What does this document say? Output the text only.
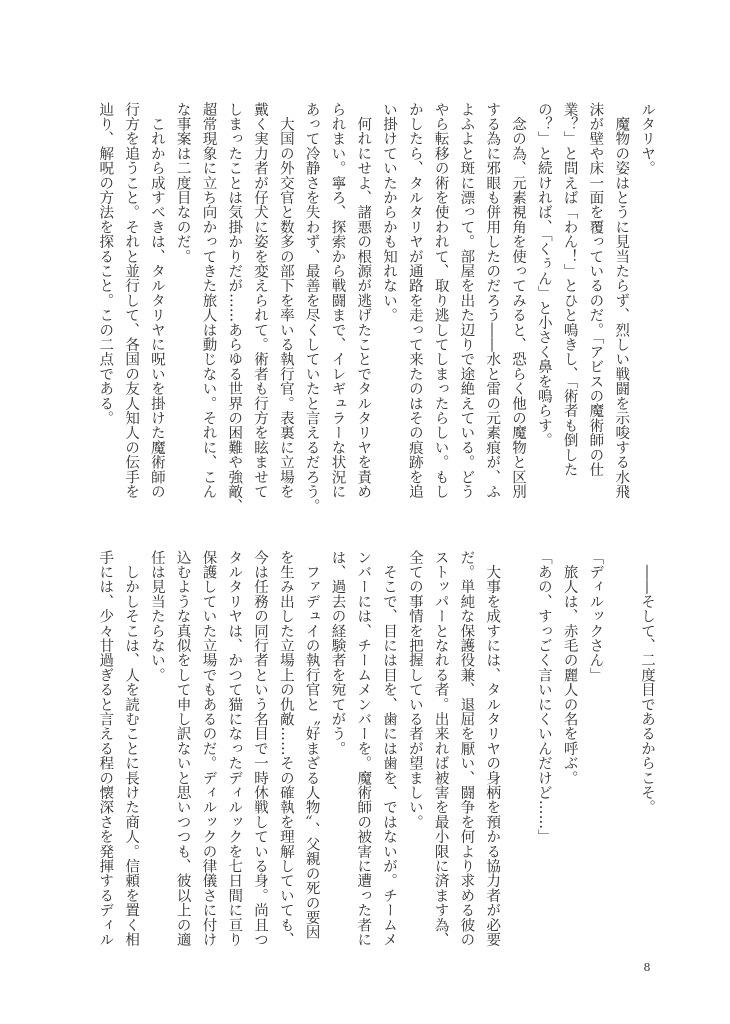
ルタリヤ。
　魔物の姿はとうに見当たらず、烈しい戦闘を示唆する水飛
沫が壁や床一面を覆っているのだ。「アビスの魔術師の仕
業？」と問えば「わん！」とひと鳴きし、「術者も倒した
の？」と続ければ、「くぅん」と小さく鼻を鳴らす。
　念の為、元素視角を使ってみると、恐らく他の魔物と区別
する為に邪眼も併用したのだろう――水と雷の元素痕が、ふ
よふよと斑に漂って。部屋を出た辺りで途絶えている。どう
やら転移の術を使われて、取り逃してしまったらしい。もし
かしたら、タルタリヤが通路を走って来たのはその痕跡を追
い掛けていたからかも知れない。
　何れにせよ、諸悪の根源が逃げたことでタルタリヤを責め
られまい。寧ろ、探索から戦闘まで、イレギュラーな状況に
あって冷静さを失わず、最善を尽くしていたと言えるだろう。
　大国の外交官と数多の部下を率いる執行官。表裏に立場を
戴く実力者が仔犬に姿を変えられて。術者も行方を眩ませて
しまったことは気掛かりだが……あらゆる世界の困難や強敵、
超常現象に立ち向かってきた旅人は動じない。それに、こん
な事案は二度目なのだ。
　これから成すべきは、タルタリヤに呪いを掛けた魔術師の
行方を追うこと。それと並行して、各国の友人知人の伝手を
辿り、解呪の方法を探ること。この二点である。
　――そして、二度目であるからこそ。
「ディルックさん」
　旅人は、赤毛の麗人の名を呼ぶ。
「あの、すっごく言いにくいんだけど……」
　大事を成すには、タルタリヤの身柄を預かる協力者が必要
だ。単純な保護役兼、退屈を厭い、闘争を何より求める彼の
ストッパーとなれる者。出来れば被害を最小限に済ます為、
全ての事情を把握している者が望ましい。
　そこで、目には目を、歯には歯を、ではないが。チームメ
ンバーには、チームメンバーを。魔術師の被害に遭った者に
は、過去の経験者を宛てがう。
　ファデュイの執行官と〝好まざる人物〟、父親の死の要因
を生み出した立場上の仇敵……その確執を理解していても、
今は任務の同行者という名目で一時休戦している身。尚且つ
タルタリヤは、かつて猫になったディルックを七日間に亘り
保護していた立場でもあるのだ。ディルックの律儀さに付け
込むような真似をして申し訳ないと思いつつも、彼以上の適
任は見当たらない。
　しかしそこは、人を読むことに長けた商人。信頼を置く相
手には、少々甘過ぎると言える程の懐深さを発揮するディル
8
